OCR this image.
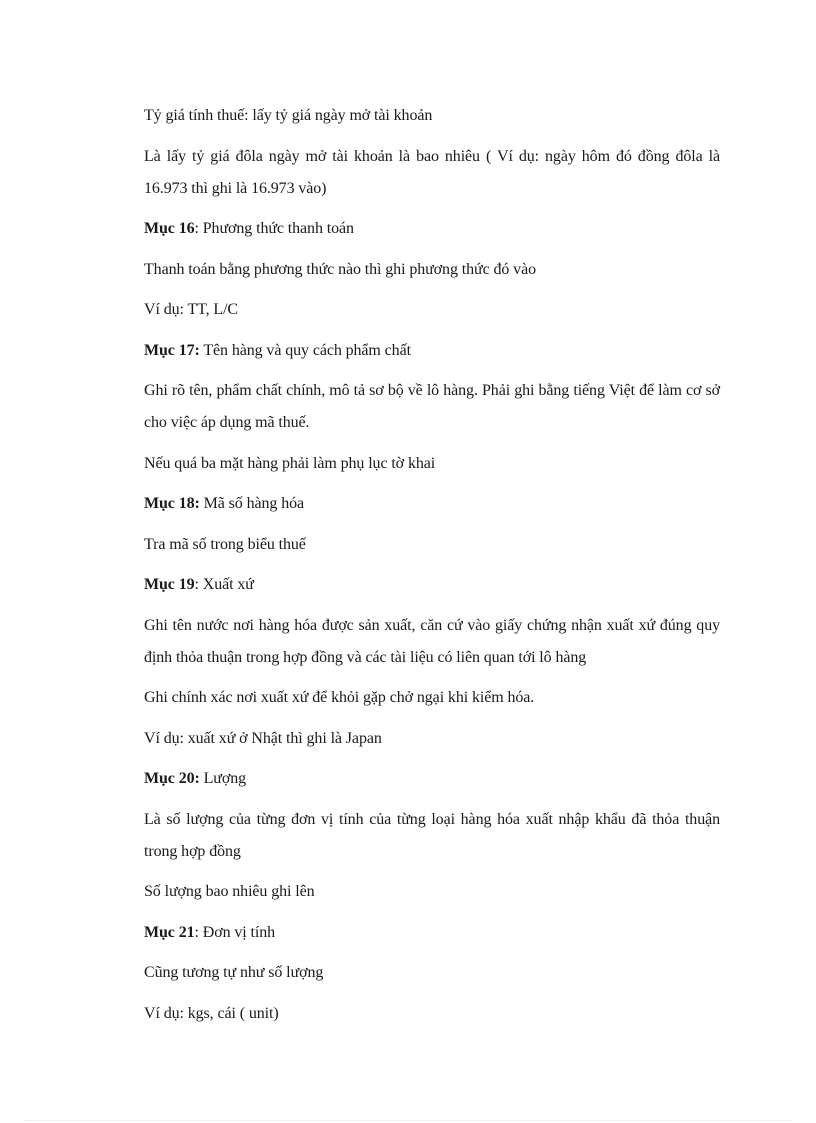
Tỷ giá tính thuế: lấy tỷ giá ngày mở tài khoản

Là lấy tỷ giá đôla ngày mở tài khoản là bao nhiêu ( Ví dụ: ngày hôm đó đồng đôla là 16.973 thì ghi là 16.973 vào)

Mục 16: Phương thức thanh toán

Thanh toán bằng phương thức nào thì ghi phương thức đó vào

Ví dụ: TT, L/C

Mục 17: Tên hàng và quy cách phẩm chất

Ghi rõ tên, phẩm chất chính, mô tả sơ bộ về lô hàng. Phải ghi bằng tiếng Việt để làm cơ sở cho việc áp dụng mã thuế.

Nếu quá ba mặt hàng phải làm phụ lục tờ khai

Mục 18: Mã số hàng hóa

Tra mã số trong biểu thuế

Mục 19: Xuất xứ

Ghi tên nước nơi hàng hóa được sản xuất, căn cứ vào giấy chứng nhận xuất xứ đúng quy định thỏa thuận trong hợp đồng và các tài liệu có liên quan tới lô hàng

Ghi chính xác nơi xuất xứ để khỏi gặp chở ngại khi kiểm hóa.

Ví dụ: xuất xứ ở Nhật thì ghi là Japan

Mục 20: Lượng

Là số lượng của từng đơn vị tính của từng loại hàng hóa xuất nhập khẩu đã thỏa thuận trong hợp đồng

Số lượng bao nhiêu ghi lên

Mục 21: Đơn vị tính

Cũng tương tự như số lượng

Ví dụ: kgs, cái ( unit)
